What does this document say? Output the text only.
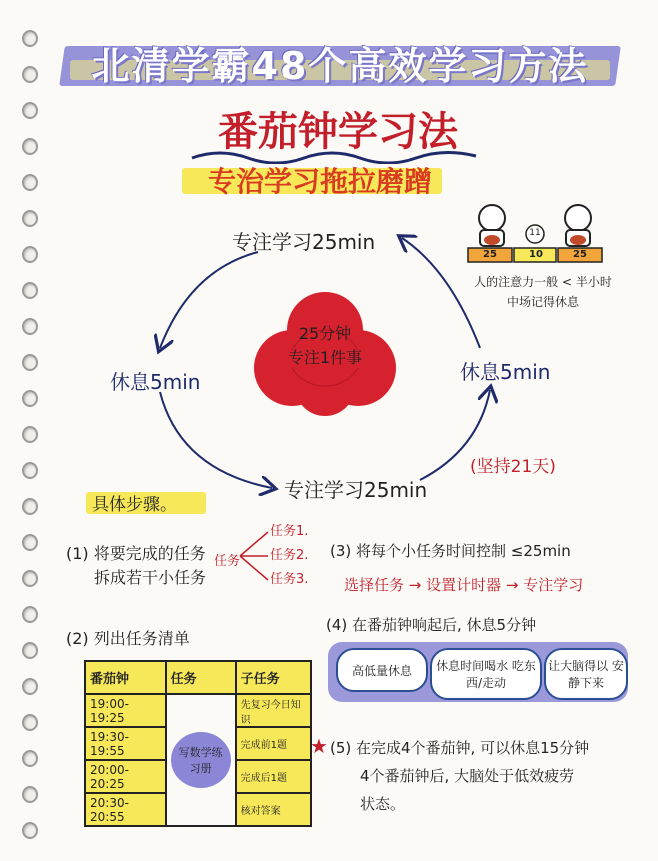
北清学霸48个高效学习方法
番茄钟学习法
专治学习拖拉磨蹭
11
25	10	25
人的注意力一般 < 半小时
中场记得休息
专注学习25min
休息5min	休息5min
专注学习25min
25分钟
专注1件事
(坚持21天)
具体步骤。
(1) 将要完成的任务
拆成若干小任务
任务
任务1.
任务2.
任务3.
(3) 将每个小任务时间控制 ≤25min
选择任务 → 设置计时器 → 专注学习
(2) 列出任务清单
(4) 在番茄钟响起后, 休息5分钟
高低量休息	休息时间喝水 吃东西/走动
让大脑得以 安静下来
番茄钟	任务	子任务
19:00-19:25	写数学练习册	先复习今日知识
19:30-19:55		完成前1题
20:00-20:25		完成后1题
20:30-20:55		核对答案
★ (5) 在完成4个番茄钟, 可以休息15分钟
4个番茄钟后, 大脑处于低效疲劳
状态。
